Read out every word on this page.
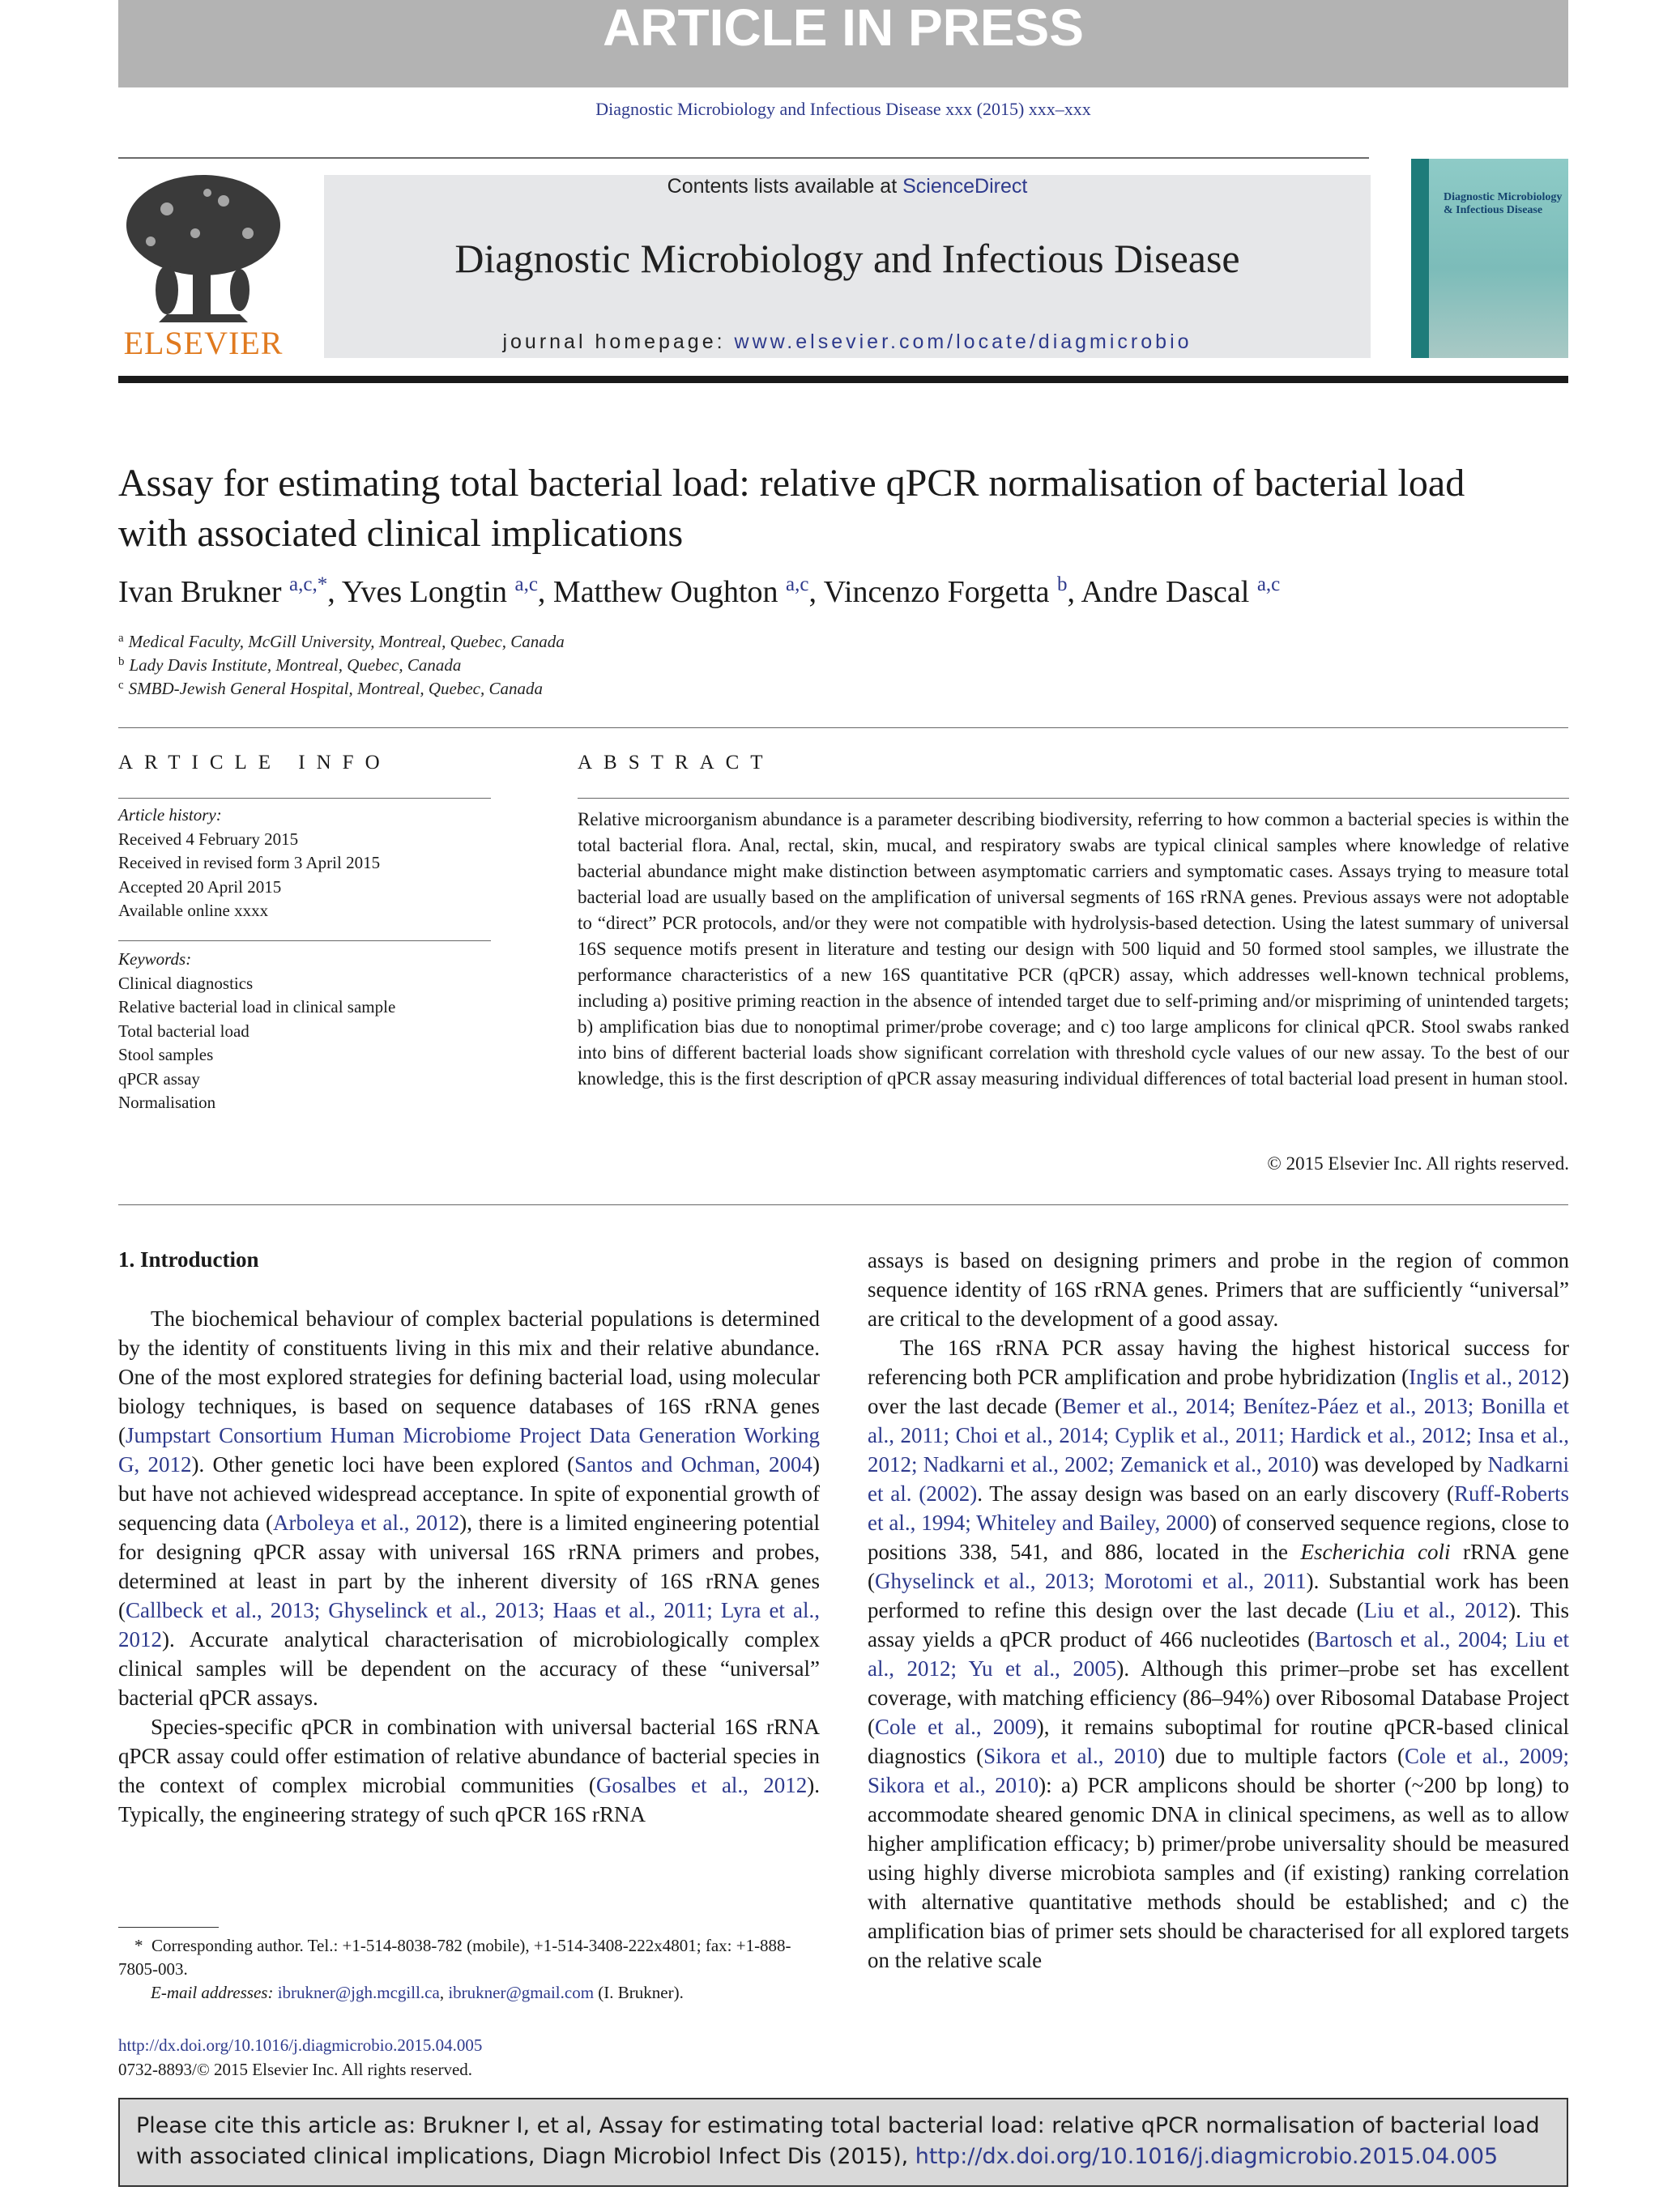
ARTICLE IN PRESS
Diagnostic Microbiology and Infectious Disease xxx (2015) xxx–xxx
ELSEVIER
Contents lists available at ScienceDirect
Diagnostic Microbiology and Infectious Disease
journal homepage: www.elsevier.com/locate/diagmicrobio
Diagnostic Microbiology & Infectious Disease
Assay for estimating total bacterial load: relative qPCR normalisation of bacterial load with associated clinical implications
Ivan Brukner $^{a,c,*}$, Yves Longtin $^{a,c}$, Matthew Oughton $^{a,c}$, Vincenzo Forgetta $^b$, Andre Dascal $^{a,c}$
$^a$ Medical Faculty, McGill University, Montreal, Quebec, Canada
$^b$ Lady Davis Institute, Montreal, Quebec, Canada
$^c$ SMBD-Jewish General Hospital, Montreal, Quebec, Canada
ARTICLE INFO
Article history:
Received 4 February 2015
Received in revised form 3 April 2015
Accepted 20 April 2015
Available online xxxx
Keywords:
Clinical diagnostics
Relative bacterial load in clinical sample
Total bacterial load
Stool samples
qPCR assay
Normalisation
ABSTRACT
Relative microorganism abundance is a parameter describing biodiversity, referring to how common a bacterial species is within the total bacterial flora. Anal, rectal, skin, mucal, and respiratory swabs are typical clinical samples where knowledge of relative bacterial abundance might make distinction between asymptomatic carriers and symptomatic cases. Assays trying to measure total bacterial load are usually based on the amplification of universal segments of 16S rRNA genes. Previous assays were not adoptable to “direct” PCR protocols, and/or they were not compatible with hydrolysis-based detection. Using the latest summary of universal 16S sequence motifs present in literature and testing our design with 500 liquid and 50 formed stool samples, we illustrate the performance characteristics of a new 16S quantitative PCR (qPCR) assay, which addresses well-known technical problems, including a) positive priming reaction in the absence of intended target due to self-priming and/or mispriming of unintended targets; b) amplification bias due to nonoptimal primer/probe coverage; and c) too large amplicons for clinical qPCR. Stool swabs ranked into bins of different bacterial loads show significant correlation with threshold cycle values of our new assay. To the best of our knowledge, this is the first description of qPCR assay measuring individual differences of total bacterial load present in human stool.
© 2015 Elsevier Inc. All rights reserved.
1. Introduction

The biochemical behaviour of complex bacterial populations is determined by the identity of constituents living in this mix and their relative abundance. One of the most explored strategies for defining bacterial load, using molecular biology techniques, is based on sequence databases of 16S rRNA genes (Jumpstart Consortium Human Microbiome Project Data Generation Working G, 2012). Other genetic loci have been explored (Santos and Ochman, 2004) but have not achieved widespread acceptance. In spite of exponential growth of sequencing data (Arboleya et al., 2012), there is a limited engineering potential for designing qPCR assay with universal 16S rRNA primers and probes, determined at least in part by the inherent diversity of 16S rRNA genes (Callbeck et al., 2013; Ghyselinck et al., 2013; Haas et al., 2011; Lyra et al., 2012). Accurate analytical characterisation of microbiologically complex clinical samples will be dependent on the accuracy of these “universal” bacterial qPCR assays.

Species-specific qPCR in combination with universal bacterial 16S rRNA qPCR assay could offer estimation of relative abundance of bacterial species in the context of complex microbial communities (Gosalbes et al., 2012). Typically, the engineering strategy of such qPCR 16S rRNA

assays is based on designing primers and probe in the region of common sequence identity of 16S rRNA genes. Primers that are sufficiently “universal” are critical to the development of a good assay.

The 16S rRNA PCR assay having the highest historical success for referencing both PCR amplification and probe hybridization (Inglis et al., 2012) over the last decade (Bemer et al., 2014; Benítez-Páez et al., 2013; Bonilla et al., 2011; Choi et al., 2014; Cyplik et al., 2011; Hardick et al., 2012; Insa et al., 2012; Nadkarni et al., 2002; Zemanick et al., 2010) was developed by Nadkarni et al. (2002). The assay design was based on an early discovery (Ruff-Roberts et al., 1994; Whiteley and Bailey, 2000) of conserved sequence regions, close to positions 338, 541, and 886, located in the Escherichia coli rRNA gene (Ghyselinck et al., 2013; Morotomi et al., 2011). Substantial work has been performed to refine this design over the last decade (Liu et al., 2012). This assay yields a qPCR product of 466 nucleotides (Bartosch et al., 2004; Liu et al., 2012; Yu et al., 2005). Although this primer–probe set has excellent coverage, with matching efficiency (86–94%) over Ribosomal Database Project (Cole et al., 2009), it remains suboptimal for routine qPCR-based clinical diagnostics (Sikora et al., 2010) due to multiple factors (Cole et al., 2009; Sikora et al., 2010): a) PCR amplicons should be shorter (~200 bp long) to accommodate sheared genomic DNA in clinical specimens, as well as to allow higher amplification efficacy; b) primer/probe universality should be measured using highly diverse microbiota samples and (if existing) ranking correlation with alternative quantitative methods should be established; and c) the amplification bias of primer sets should be characterised for all explored targets on the relative scale

* Corresponding author. Tel.: +1-514-8038-782 (mobile), +1-514-3408-222x4801; fax: +1-888-7805-003.
E-mail addresses: ibrukner@jgh.mcgill.ca, ibrukner@gmail.com (I. Brukner).
http://dx.doi.org/10.1016/j.diagmicrobio.2015.04.005
0732-8893/© 2015 Elsevier Inc. All rights reserved.
Please cite this article as: Brukner I, et al, Assay for estimating total bacterial load: relative qPCR normalisation of bacterial load with associated clinical implications, Diagn Microbiol Infect Dis (2015), http://dx.doi.org/10.1016/j.diagmicrobio.2015.04.005
